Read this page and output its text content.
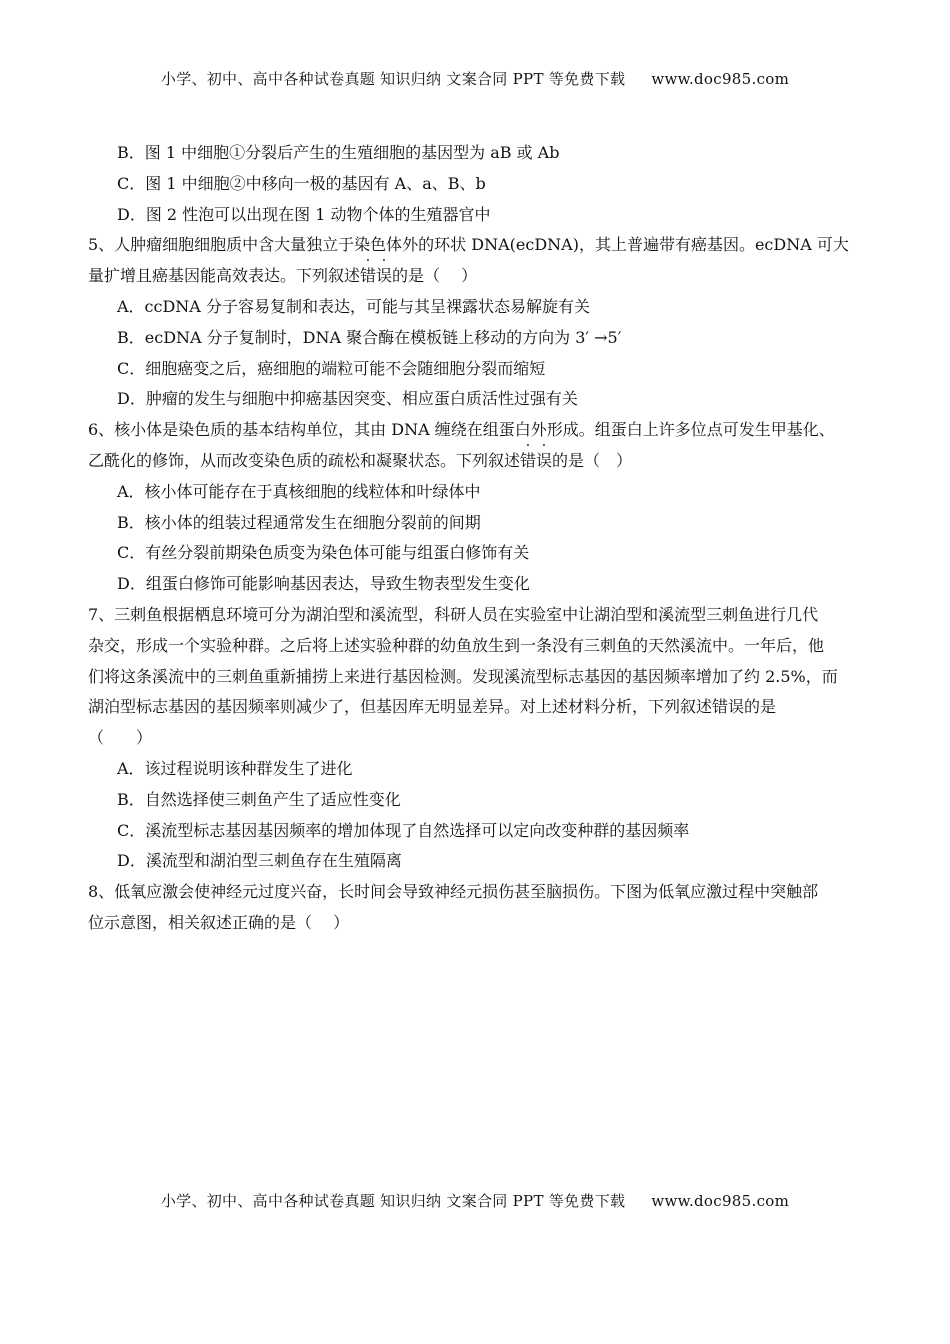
小学、初中、高中各种试卷真题 知识归纳 文案合同 PPT 等免费下载 www.doc985.com
B．图 1 中细胞①分裂后产生的生殖细胞的基因型为 aB 或 Ab
C．图 1 中细胞②中移向一极的基因有 A、a、B、b
D．图 2 性泡可以出现在图 1 动物个体的生殖器官中
5、人肿瘤细胞细胞质中含大量独立于染色体外的环状 DNA(ecDNA)，其上普遍带有癌基因。ecDNA 可大
量扩增且癌基因能高效表达。下列叙述错误的是（　 ）
A．ccDNA 分子容易复制和表达，可能与其呈裸露状态易解旋有关
B．ecDNA 分子复制时，DNA 聚合酶在模板链上移动的方向为 3′ →5′
C．细胞癌变之后，癌细胞的端粒可能不会随细胞分裂而缩短
D．肿瘤的发生与细胞中抑癌基因突变、相应蛋白质活性过强有关
6、核小体是染色质的基本结构单位，其由 DNA 缠绕在组蛋白外形成。组蛋白上许多位点可发生甲基化、
乙酰化的修饰，从而改变染色质的疏松和凝聚状态。下列叙述错误的是（　）
A．核小体可能存在于真核细胞的线粒体和叶绿体中
B．核小体的组装过程通常发生在细胞分裂前的间期
C．有丝分裂前期染色质变为染色体可能与组蛋白修饰有关
D．组蛋白修饰可能影响基因表达，导致生物表型发生变化
7、三刺鱼根据栖息环境可分为湖泊型和溪流型，科研人员在实验室中让湖泊型和溪流型三刺鱼进行几代
杂交，形成一个实验种群。之后将上述实验种群的幼鱼放生到一条没有三刺鱼的天然溪流中。一年后，他
们将这条溪流中的三刺鱼重新捕捞上来进行基因检测。发现溪流型标志基因的基因频率增加了约 2.5%，而
湖泊型标志基因的基因频率则减少了，但基因库无明显差异。对上述材料分析，下列叙述错误的是
（　　）
A．该过程说明该种群发生了进化
B．自然选择使三刺鱼产生了适应性变化
C．溪流型标志基因基因频率的增加体现了自然选择可以定向改变种群的基因频率
D．溪流型和湖泊型三刺鱼存在生殖隔离
8、低氧应激会使神经元过度兴奋，长时间会导致神经元损伤甚至脑损伤。下图为低氧应激过程中突触部
位示意图，相关叙述正确的是（　 ）
小学、初中、高中各种试卷真题 知识归纳 文案合同 PPT 等免费下载 www.doc985.com
